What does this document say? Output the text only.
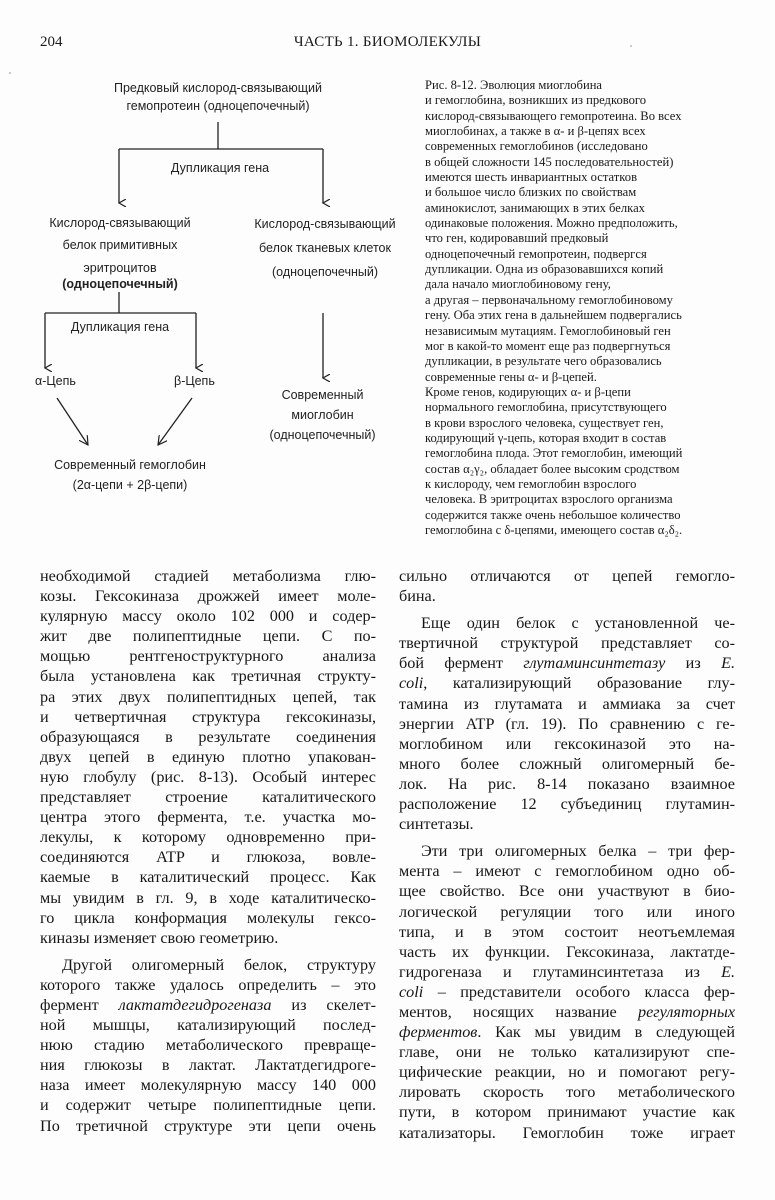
204	ЧАСТЬ 1. БИОМОЛЕКУЛЫ
Предковый кислород-связывающий
гемопротеин (одноцепочечный)
Дупликация гена
Кислород-связывающий
белок примитивных
эритроцитов
(одноцепочечный)
Кислород-связывающий
белок тканевых клеток
(одноцепочечный)
Дупликация гена
α-Цепь	β-Цепь
Современный
миоглобин
(одноцепочечный)
Современный гемоглобин
(2α-цепи + 2β-цепи)
Рис. 8-12. Эволюция миоглобина
и гемоглобина, возникших из предкового
кислород-связывающего гемопротеина. Во всех
миоглобинах, а также в α- и β-цепях всех
современных гемоглобинов (исследовано
в общей сложности 145 последовательностей)
имеются шесть инвариантных остатков
и большое число близких по свойствам
аминокислот, занимающих в этих белках
одинаковые положения. Можно предположить,
что ген, кодировавший предковый
одноцепочечный гемопротеин, подвергся
дупликации. Одна из образовавшихся копий
дала начало миоглобиновому гену,
а другая – первоначальному гемоглобиновому
гену. Оба этих гена в дальнейшем подвергались
независимым мутациям. Гемоглобиновый ген
мог в какой-то момент еще раз подвергнуться
дупликации, в результате чего образовались
современные гены α- и β-цепей.
Кроме генов, кодирующих α- и β-цепи
нормального гемоглобина, присутствующего
в крови взрослого человека, существует ген,
кодирующий γ-цепь, которая входит в состав
гемоглобина плода. Этот гемоглобин, имеющий
состав α₂γ₂, обладает более высоким сродством
к кислороду, чем гемоглобин взрослого
человека. В эритроцитах взрослого организма
содержится также очень небольшое количество
гемоглобина с δ-цепями, имеющего состав α₂δ₂.
необходимой стадией метаболизма глю-
козы. Гексокиназа дрожжей имеет моле-
кулярную массу около 102 000 и содер-
жит две полипептидные цепи. С по-
мощью рентгеноструктурного анализа
была установлена как третичная структу-
ра этих двух полипептидных цепей, так
и четвертичная структура гексокиназы,
образующаяся в результате соединения
двух цепей в единую плотно упакован-
ную глобулу (рис. 8-13). Особый интерес
представляет строение каталитического
центра этого фермента, т.е. участка мо-
лекулы, к которому одновременно при-
соединяются ATP и глюкоза, вовле-
каемые в каталитический процесс. Как
мы увидим в гл. 9, в ходе каталитическо-
го цикла конформация молекулы гексо-
киназы изменяет свою геометрию.
Другой олигомерный белок, структуру
которого также удалось определить – это
фермент лактатдегидрогеназа из скелет-
ной мышцы, катализирующий послед-
нюю стадию метаболического превраще-
ния глюкозы в лактат. Лактатдегидроге-
наза имеет молекулярную массу 140 000
и содержит четыре полипептидные цепи.
По третичной структуре эти цепи очень
сильно отличаются от цепей гемогло-
бина.
Еще один белок с установленной че-
твертичной структурой представляет со-
бой фермент глутаминсинтетазу из E.
coli, катализирующий образование глу-
тамина из глутамата и аммиака за счет
энергии ATP (гл. 19). По сравнению с ге-
моглобином или гексокиназой это на-
много более сложный олигомерный бе-
лок. На рис. 8-14 показано взаимное
расположение 12 субъединиц глутамин-
синтетазы.
Эти три олигомерных белка – три фер-
мента – имеют с гемоглобином одно об-
щее свойство. Все они участвуют в био-
логической регуляции того или иного
типа, и в этом состоит неотъемлемая
часть их функции. Гексокиназа, лактатде-
гидрогеназа и глутаминсинтетаза из E.
coli – представители особого класса фер-
ментов, носящих название регуляторных
ферментов. Как мы увидим в следующей
главе, они не только катализируют спе-
цифические реакции, но и помогают регу-
лировать скорость того метаболического
пути, в котором принимают участие как
катализаторы. Гемоглобин тоже играет
